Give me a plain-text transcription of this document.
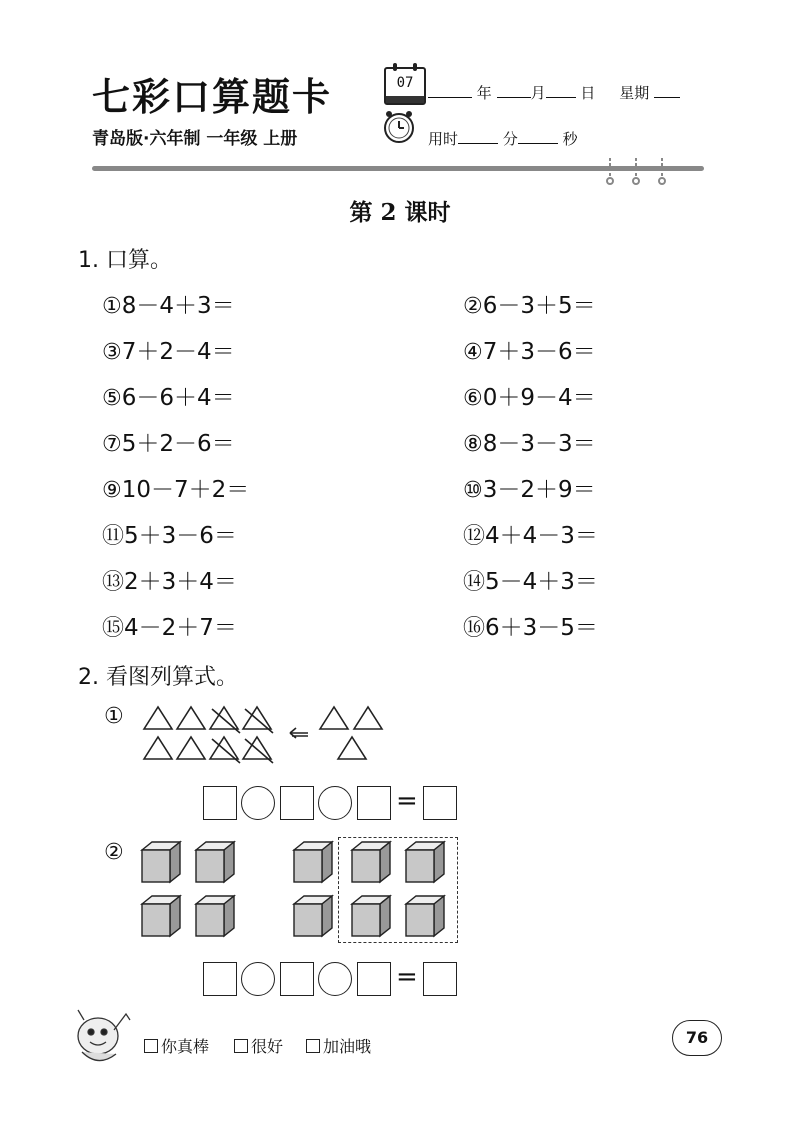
七彩口算题卡	07
年	月 日 星期
青岛版·六年制 一年级 上册	用时	分	秒
第 2 课时
1. 口算。
①8－4＋3＝	②6－3＋5＝
③7＋2－4＝	④7＋3－6＝
⑤6－6＋4＝	⑥0＋9－4＝
⑦5＋2－6＝	⑧8－3－3＝
⑨10－7＋2＝	⑩3－2＋9＝
⑪5＋3－6＝	⑫4＋4－3＝
⑬2＋3＋4＝	⑭5－4＋3＝
⑮4－2＋7＝	⑯6＋3－5＝
2. 看图列算式。
①
=
②
=
你真棒	很好	加油哦	76
